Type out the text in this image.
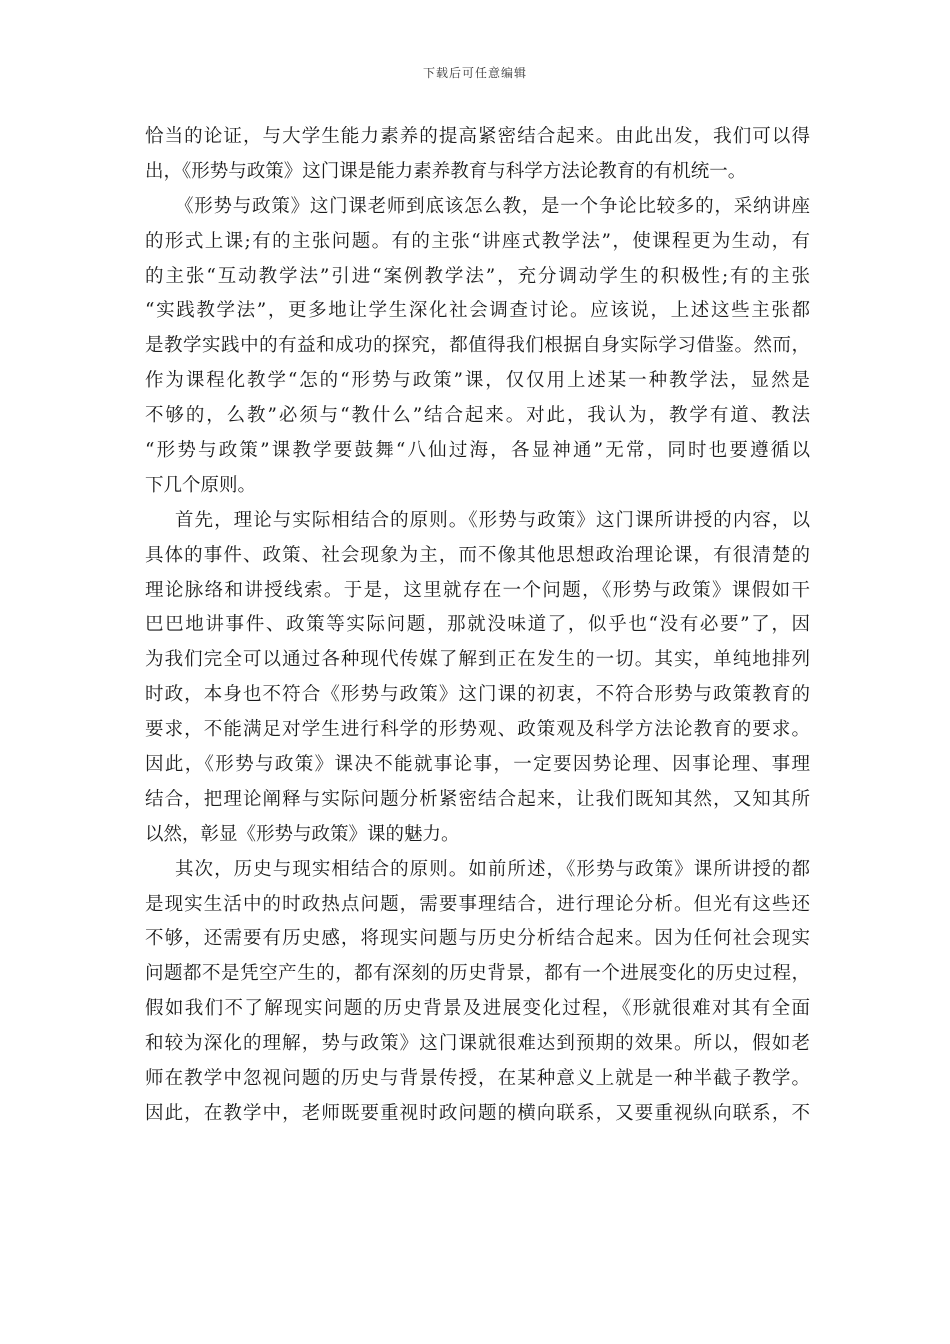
下载后可任意编辑
恰当的论证，与大学生能力素养的提高紧密结合起来。由此出发，我们可以得
出，《形势与政策》这门课是能力素养教育与科学方法论教育的有机统一。
《形势与政策》这门课老师到底该怎么教，是一个争论比较多的，采纳讲座
的形式上课;有的主张问题。有的主张“讲座式教学法”，使课程更为生动，有
的主张“互动教学法”引进“案例教学法”，充分调动学生的积极性;有的主张
“实践教学法”，更多地让学生深化社会调查讨论。应该说，上述这些主张都
是教学实践中的有益和成功的探究，都值得我们根据自身实际学习借鉴。然而，
作为课程化教学“怎的“形势与政策”课，仅仅用上述某一种教学法，显然是
不够的，么教”必须与“教什么”结合起来。对此，我认为，教学有道、教法
“形势与政策”课教学要鼓舞“八仙过海，各显神通”无常，同时也要遵循以
下几个原则。
首先，理论与实际相结合的原则。《形势与政策》这门课所讲授的内容，以
具体的事件、政策、社会现象为主，而不像其他思想政治理论课，有很清楚的
理论脉络和讲授线索。于是，这里就存在一个问题，《形势与政策》课假如干
巴巴地讲事件、政策等实际问题，那就没味道了，似乎也“没有必要”了，因
为我们完全可以通过各种现代传媒了解到正在发生的一切。其实，单纯地排列
时政，本身也不符合《形势与政策》这门课的初衷，不符合形势与政策教育的
要求，不能满足对学生进行科学的形势观、政策观及科学方法论教育的要求。
因此，《形势与政策》课决不能就事论事，一定要因势论理、因事论理、事理
结合，把理论阐释与实际问题分析紧密结合起来，让我们既知其然，又知其所
以然，彰显《形势与政策》课的魅力。
其次，历史与现实相结合的原则。如前所述，《形势与政策》课所讲授的都
是现实生活中的时政热点问题，需要事理结合，进行理论分析。但光有这些还
不够，还需要有历史感，将现实问题与历史分析结合起来。因为任何社会现实
问题都不是凭空产生的，都有深刻的历史背景，都有一个进展变化的历史过程，
假如我们不了解现实问题的历史背景及进展变化过程，《形就很难对其有全面
和较为深化的理解，势与政策》这门课就很难达到预期的效果。所以，假如老
师在教学中忽视问题的历史与背景传授，在某种意义上就是一种半截子教学。
因此，在教学中，老师既要重视时政问题的横向联系，又要重视纵向联系，不
